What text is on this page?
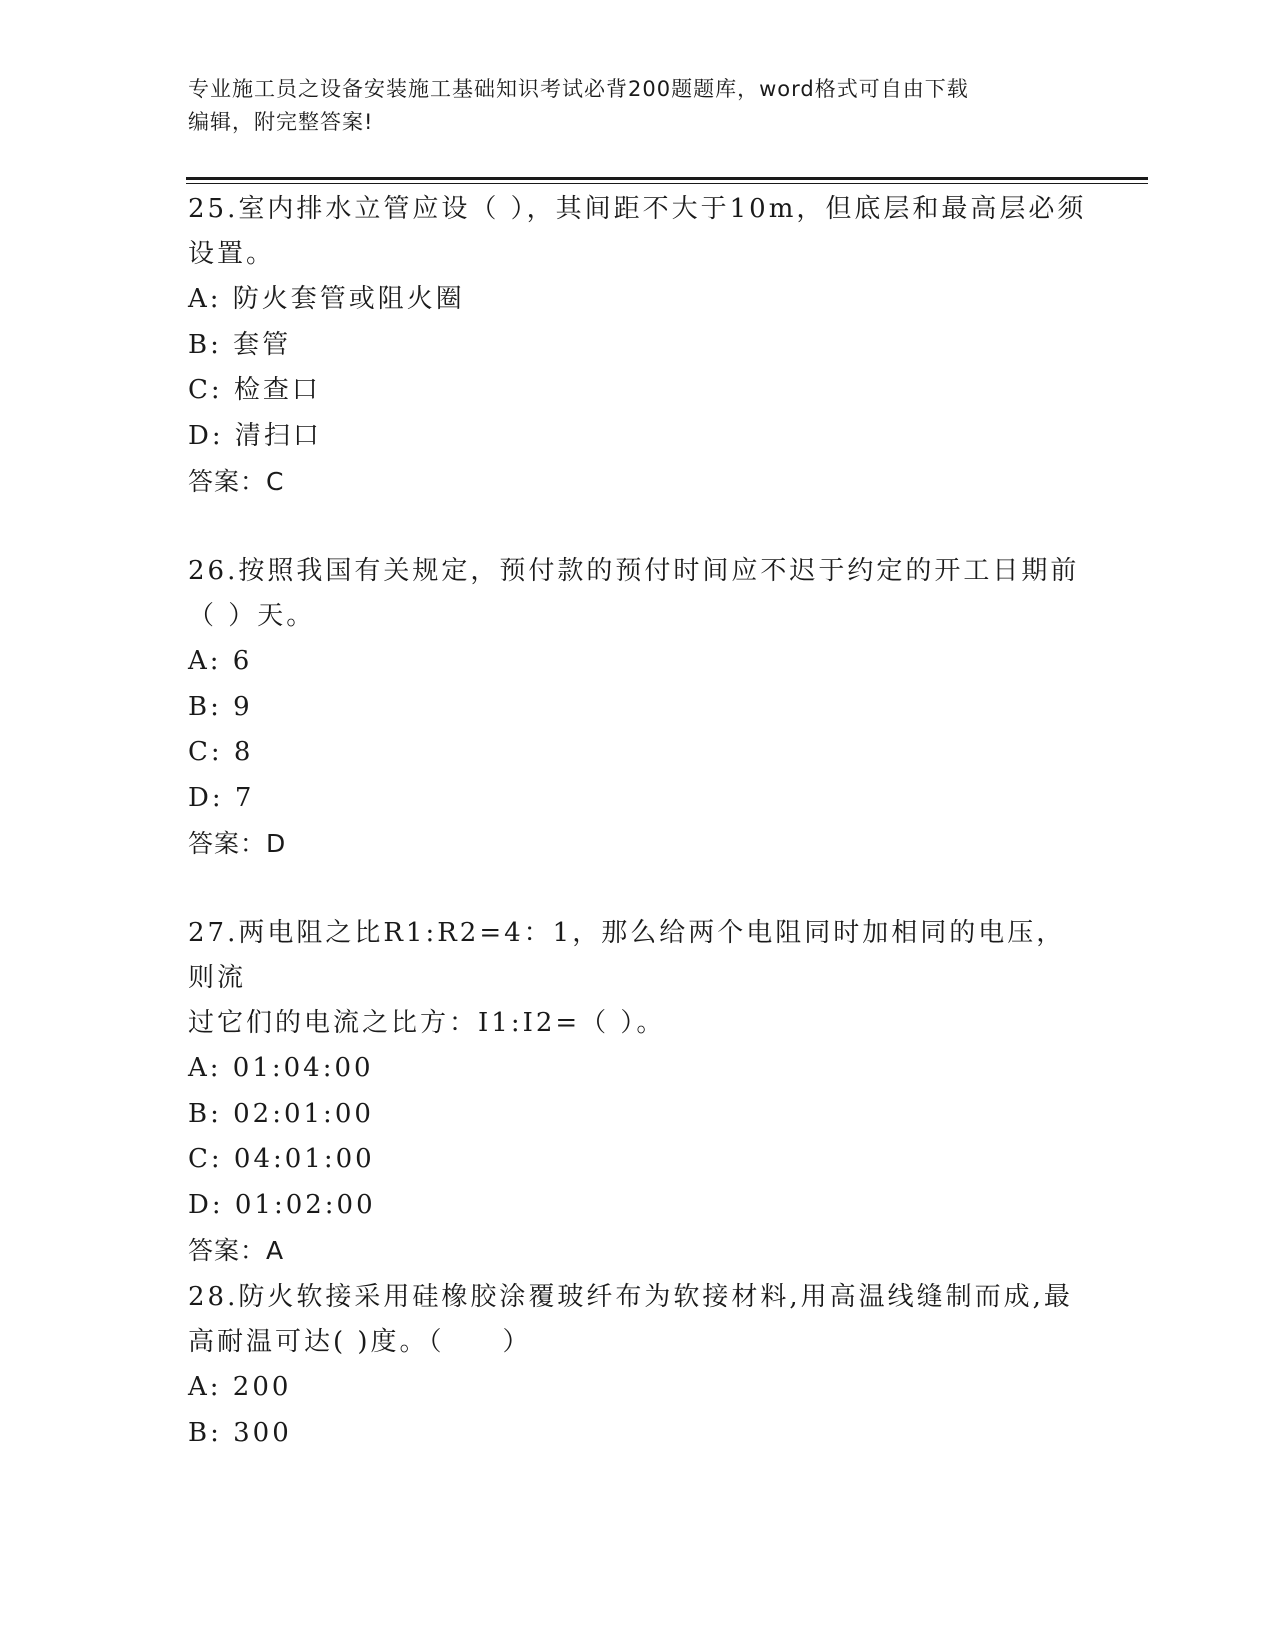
专业施工员之设备安装施工基础知识考试必背200题题库，word格式可自由下载
编辑，附完整答案!
25.室内排水立管应设（ ），其间距不大于10m，但底层和最高层必须
设置。
A: 防火套管或阻火圈
B: 套管
C: 检查口
D: 清扫口
答案：C
26.按照我国有关规定，预付款的预付时间应不迟于约定的开工日期前
（ ）天。
A: 6
B: 9
C: 8
D: 7
答案：D
27.两电阻之比R1:R2=4：1，那么给两个电阻同时加相同的电压，则流
过它们的电流之比方：I1:I2=（ ）。
A: 01:04:00
B: 02:01:00
C: 04:01:00
D: 01:02:00
答案：A
28.防火软接采用硅橡胶涂覆玻纤布为软接材料,用高温线缝制而成,最
高耐温可达( )度。（　　）
A: 200
B: 300
